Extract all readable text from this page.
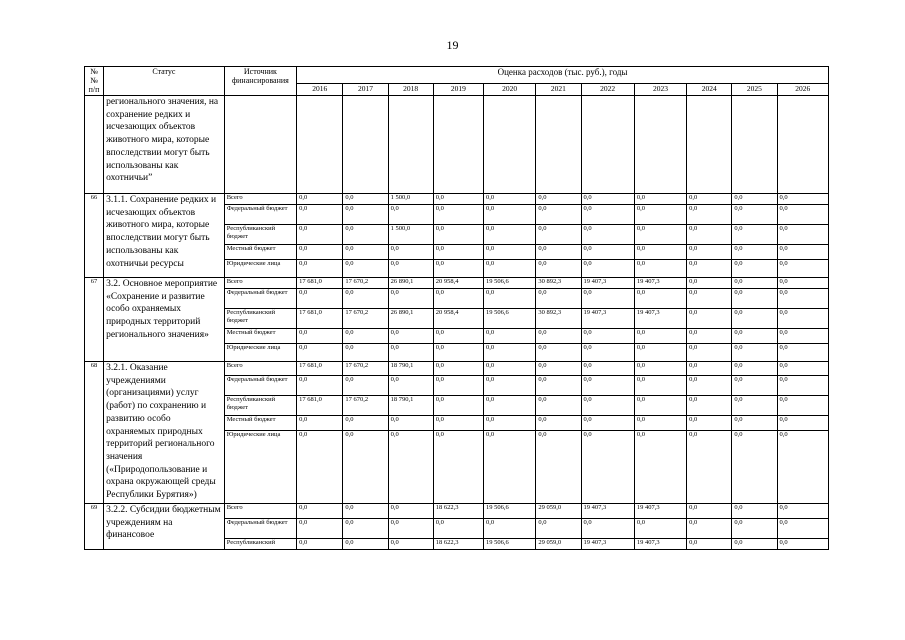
19
№№ п/п	Статус	Источник финансирования	Оценка расходов (тыс. руб.), годы										
			2016	2017	2018	2019	2020	2021	2022	2023	2024	2025	2026
	регионального значения, на сохранение редких и исчезающих объектов животного мира, которые впоследствии могут быть использованы как охотничьи”												
66	3.1.1. Сохранение редких и исчезающих объектов животного мира, которые впоследствии могут быть использованы как охотничьи ресурсы	Всего	0,0	0,0	1 500,0	0,0	0,0	0,0	0,0	0,0	0,0	0,0	0,0
		Федеральный бюджет	0,0	0,0	0,0	0,0	0,0	0,0	0,0	0,0	0,0	0,0	0,0
		Республиканский бюджет	0,0	0,0	1 500,0	0,0	0,0	0,0	0,0	0,0	0,0	0,0	0,0
		Местный бюджет	0,0	0,0	0,0	0,0	0,0	0,0	0,0	0,0	0,0	0,0	0,0
		Юридические лица	0,0	0,0	0,0	0,0	0,0	0,0	0,0	0,0	0,0	0,0	0,0
67	3.2. Основное мероприятие «Сохранение и развитие особо охраняемых природных территорий регионального значения»	Всего	17 681,0	17 670,2	26 890,1	20 958,4	19 506,6	30 892,3	19 407,3	19 407,3	0,0	0,0	0,0
		Федеральный бюджет	0,0	0,0	0,0	0,0	0,0	0,0	0,0	0,0	0,0	0,0	0,0
		Республиканский бюджет	17 681,0	17 670,2	26 890,1	20 958,4	19 506,6	30 892,3	19 407,3	19 407,3	0,0	0,0	0,0
		Местный бюджет	0,0	0,0	0,0	0,0	0,0	0,0	0,0	0,0	0,0	0,0	0,0
		Юридические лица	0,0	0,0	0,0	0,0	0,0	0,0	0,0	0,0	0,0	0,0	0,0
68	3.2.1. Оказание учреждениями (организациями) услуг (работ) по сохранению и развитию особо охраняемых природных территорий регионального значения («Природопользование и охрана окружающей среды Республики Бурятия»)	Всего	17 681,0	17 670,2	18 790,1	0,0	0,0	0,0	0,0	0,0	0,0	0,0	0,0
		Федеральный бюджет	0,0	0,0	0,0	0,0	0,0	0,0	0,0	0,0	0,0	0,0	0,0
		Республиканский бюджет	17 681,0	17 670,2	18 790,1	0,0	0,0	0,0	0,0	0,0	0,0	0,0	0,0
		Местный бюджет	0,0	0,0	0,0	0,0	0,0	0,0	0,0	0,0	0,0	0,0	0,0
		Юридические лица	0,0	0,0	0,0	0,0	0,0	0,0	0,0	0,0	0,0	0,0	0,0
69	3.2.2. Субсидии бюджетным учреждениям на финансовое	Всего	0,0	0,0	0,0	18 622,3	19 506,6	29 059,0	19 407,3	19 407,3	0,0	0,0	0,0
		Федеральный бюджет	0,0	0,0	0,0	0,0	0,0	0,0	0,0	0,0	0,0	0,0	0,0
		Республиканский	0,0	0,0	0,0	18 622,3	19 506,6	29 059,0	19 407,3	19 407,3	0,0	0,0	0,0
